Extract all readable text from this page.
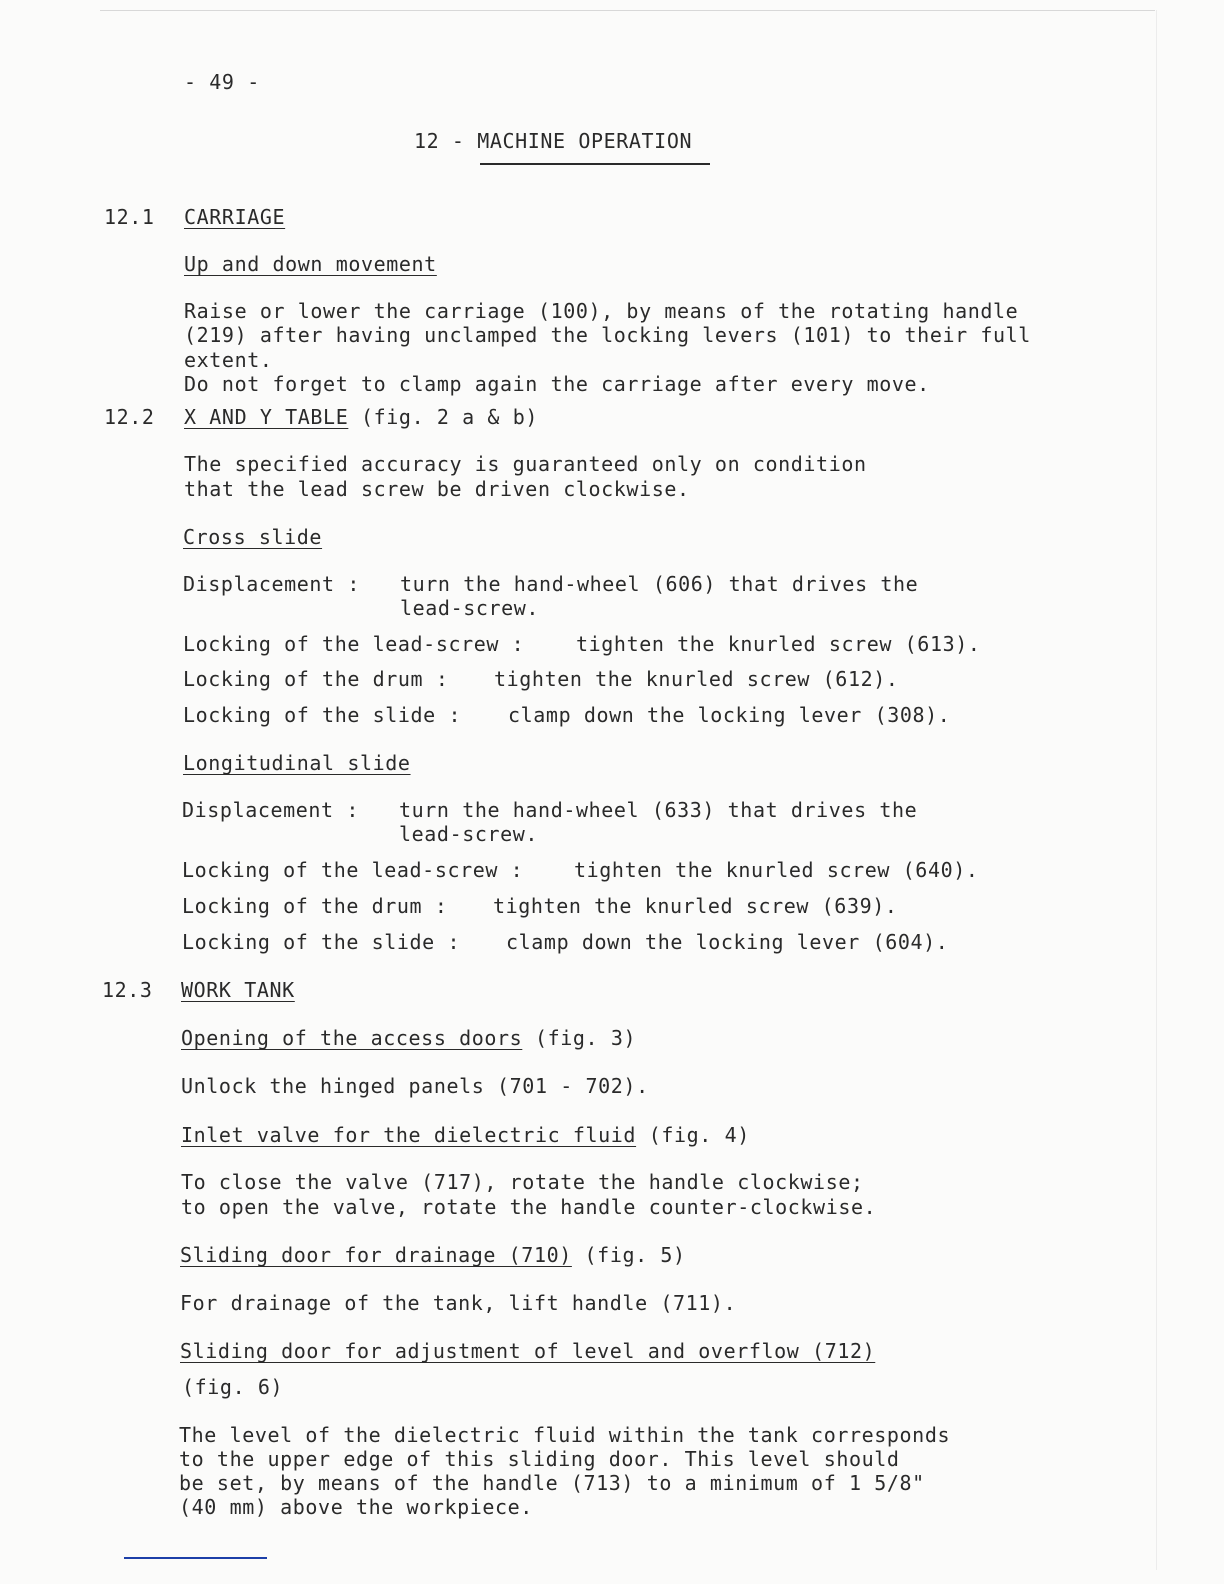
- 49 -

12 - MACHINE OPERATION

12.1 CARRIAGE

Up and down movement

Raise or lower the carriage (100), by means of the rotating handle

(219) after having unclamped the locking levers (101) to their full

extent.

Do not forget to clamp again the carriage after every move.

12.2 X AND Y TABLE (fig. 2 a & b)

The specified accuracy is guaranteed only on condition

that the lead screw be driven clockwise.

Cross slide

Displacement : turn the hand-wheel (606) that drives the

lead-screw.

Locking of the lead-screw :	tighten the knurled screw (613).

Locking of the drum : tighten the knurled screw (612).

Locking of the slide : clamp down the locking lever (308).

Longitudinal slide

Displacement : turn the hand-wheel (633) that drives the

lead-screw.

Locking of the lead-screw :	tighten the knurled screw (640).

Locking of the drum : tighten the knurled screw (639).

Locking of the slide : clamp down the locking lever (604).

12.3 WORK TANK

Opening of the access doors (fig. 3)

Unlock the hinged panels (701 - 702).

Inlet valve for the dielectric fluid (fig. 4)

To close the valve (717), rotate the handle clockwise;

to open the valve, rotate the handle counter-clockwise.

Sliding door for drainage (710) (fig. 5)

For drainage of the tank, lift handle (711).

Sliding door for adjustment of level and overflow (712)

(fig. 6)

The level of the dielectric fluid within the tank corresponds

to the upper edge of this sliding door. This level should

be set, by means of the handle (713) to a minimum of 1 5/8"

(40 mm) above the workpiece.
